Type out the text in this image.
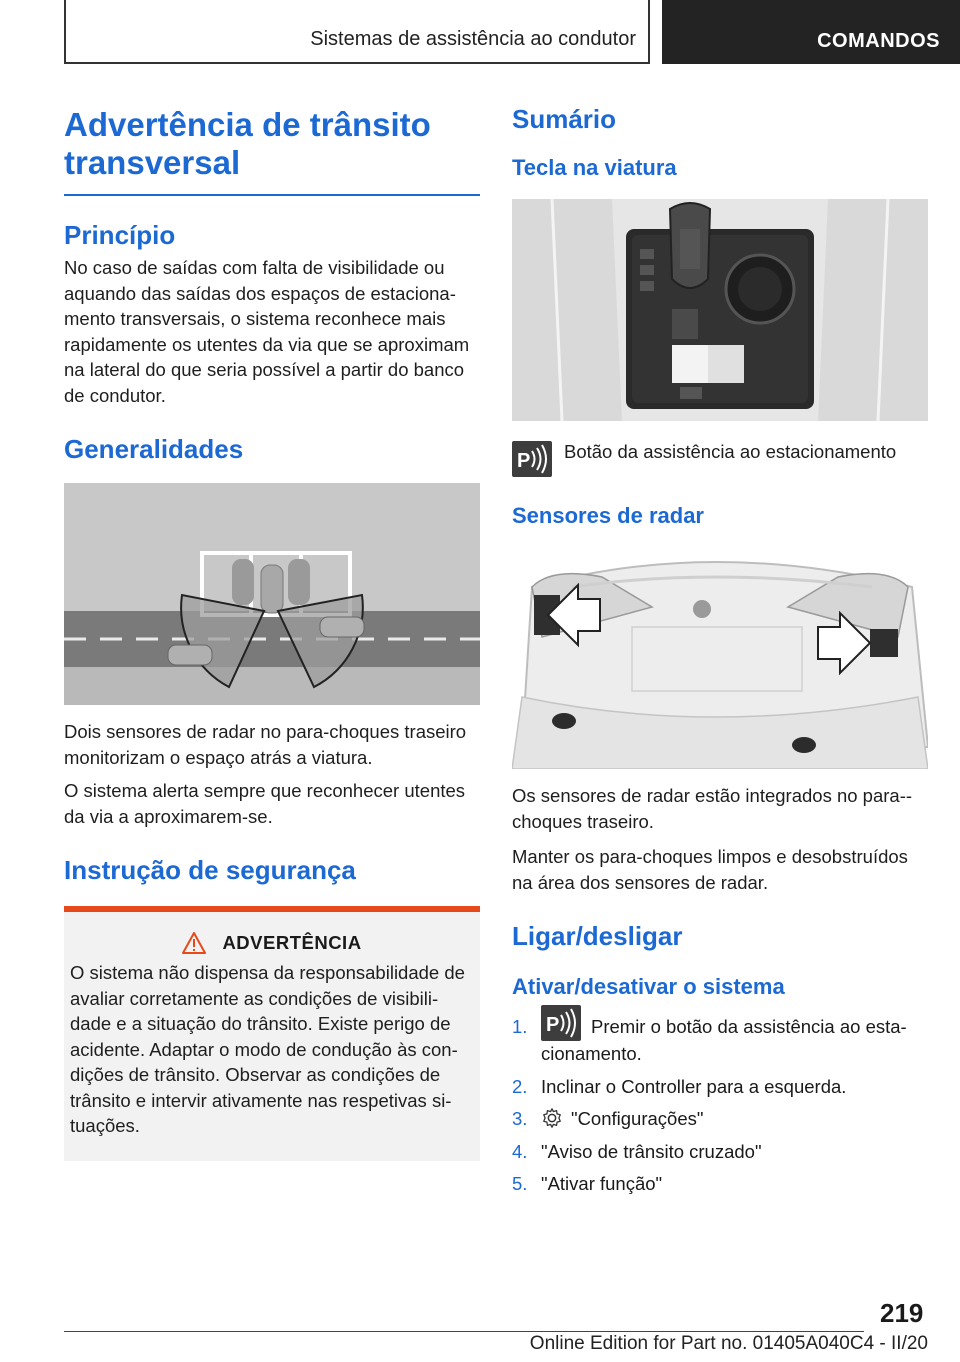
Sistemas de assistência ao condutor	COMANDOS
Advertência de trânsito
transversal
Princípio

No caso de saídas com falta de visibilidade ou aquando das saídas dos espaços de estaciona-mento transversais, o sistema reconhece mais rapidamente os utentes da via que se aproximam na lateral do que seria possível a partir do banco de condutor.

Generalidades

Dois sensores de radar no para-choques traseiro monitorizam o espaço atrás a viatura.

O sistema alerta sempre que reconhecer utentes da via a aproximarem-se.

Instrução de segurança
ADVERTÊNCIA

O sistema não dispensa da responsabilidade de avaliar corretamente as condições de visibili-dade e a situação do trânsito. Existe perigo de acidente. Adaptar o modo de condução às con-dições de trânsito. Observar as condições de trânsito e intervir ativamente nas respetivas si-tuações.

Sumário
Tecla na viatura
P Botão da assistência ao estacionamento

Sensores de radar

Os sensores de radar estão integrados no para--choques traseiro.

Manter os para-choques limpos e desobstruídos na área dos sensores de radar.

Ligar/desligar
Ativar/desativar o sistema
1. P Premir o botão da assistência ao esta-cionamento.
2. Inclinar o Controller para a esquerda.
3. "Configurações"
4. "Aviso de trânsito cruzado"
5. "Ativar função"
219
Online Edition for Part no. 01405A040C4 - II/20
